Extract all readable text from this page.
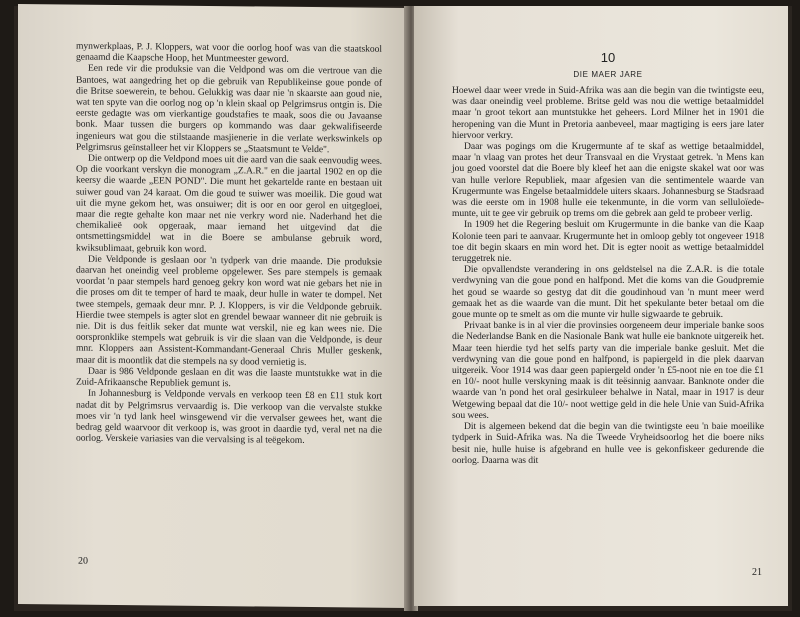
mynwerkplaas, P. J. Kloppers, wat voor die oorlog hoof was van die staatskool genaamd die Kaapsche Hoop, het Muntmeester geword.

Een rede vir die produksie van die Veldpond was om die vertroue van die Bantoes, wat aangedring het op die gebruik van Republikeinse goue ponde of die Britse soewerein, te behou. Gelukkig was daar nie 'n skaarste aan goud nie, wat ten spyte van die oorlog nog op 'n klein skaal op Pelgrimsrus ontgin is. Die eerste gedagte was om vierkantige goudstafies te maak, soos die ou Javaanse bonk. Maar tussen die burgers op kommando was daar gekwalifiseerde ingenieurs wat gou die stilstaande masjienerie in die verlate werkswinkels op Pelgrimsrus geïnstalleer het vir Kloppers se „Staatsmunt te Velde".

Die ontwerp op die Veldpond moes uit die aard van die saak eenvoudig wees. Op die voorkant verskyn die monogram „Z.A.R." en die jaartal 1902 en op die keersy die waarde „EEN POND". Die munt het gekartelde rante en bestaan uit suiwer goud van 24 karaat. Om die goud te suiwer was moeilik. Die goud wat uit die myne gekom het, was onsuiwer; dit is oor en oor gerol en uitgegloei, maar die regte gehalte kon maar net nie verkry word nie. Naderhand het die chemikalieë ook opgeraak, maar iemand het uitgevind dat die ontsmettingsmiddel wat in die Boere se ambulanse gebruik word, kwiksublimaat, gebruik kon word.

Die Veldponde is geslaan oor 'n tydperk van drie maande. Die produksie daarvan het oneindig veel probleme opgelewer. Ses pare stempels is gemaak voordat 'n paar stempels hard genoeg gekry kon word wat nie gebars het nie in die proses om dit te temper of hard te maak, deur hulle in water te dompel. Net twee stempels, gemaak deur mnr. P. J. Kloppers, is vir die Veldponde gebruik. Hierdie twee stempels is agter slot en grendel bewaar wanneer dit nie gebruik is nie. Dit is dus feitlik seker dat munte wat verskil, nie eg kan wees nie. Die oorspronklike stempels wat gebruik is vir die slaan van die Veldponde, is deur mnr. Kloppers aan Assistent-Kommandant-Generaal Chris Muller geskenk, maar dit is moontlik dat die stempels na sy dood vernietig is.

Daar is 986 Veldponde geslaan en dit was die laaste muntstukke wat in die Zuid-Afrikaansche Republiek gemunt is.

In Johannesburg is Veldponde vervals en verkoop teen £8 en £11 stuk kort nadat dit by Pelgrimsrus vervaardig is. Die verkoop van die vervalste stukke moes vir 'n tyd lank heel winsgewend vir die vervalser gewees het, want die bedrag geld waarvoor dit verkoop is, was groot in daardie tyd, veral net na die oorlog. Verskeie variasies van die vervalsing is al teëgekom.

20
10
DIE MAER JARE

Hoewel daar weer vrede in Suid-Afrika was aan die begin van die twintigste eeu, was daar oneindig veel probleme. Britse geld was nou die wettige betaalmiddel maar 'n groot tekort aan muntstukke het geheers. Lord Milner het in 1901 die heropening van die Munt in Pretoria aanbeveel, maar magtiging is eers jare later hiervoor verkry.

Daar was pogings om die Krugermunte af te skaf as wettige betaalmiddel, maar 'n vlaag van protes het deur Transvaal en die Vrystaat getrek. 'n Mens kan jou goed voorstel dat die Boere bly kleef het aan die enigste skakel wat oor was van hulle verlore Republiek, maar afgesien van die sentimentele waarde van Krugermunte was Engelse betaalmiddele uiters skaars. Johannesburg se Stadsraad was die eerste om in 1908 hulle eie tekenmunte, in die vorm van selluloïede-munte, uit te gee vir gebruik op trems om die gebrek aan geld te probeer verlig.

In 1909 het die Regering besluit om Krugermunte in die banke van die Kaap Kolonie teen pari te aanvaar. Krugermunte het in omloop gebly tot ongeveer 1918 toe dit begin skaars en min word het. Dit is egter nooit as wettige betaalmiddel teruggetrek nie.

Die opvallendste verandering in ons geldstelsel na die Z.A.R. is die totale verdwyning van die goue pond en halfpond. Met die koms van die Goudpremie het goud se waarde so gestyg dat dit die goudinhoud van 'n munt meer werd gemaak het as die waarde van die munt. Dit het spekulante beter betaal om die goue munte op te smelt as om die munte vir hulle sigwaarde te gebruik.

Privaat banke is in al vier die provinsies oorgeneem deur imperiale banke soos die Nederlandse Bank en die Nasionale Bank wat hulle eie banknote uitgereik het. Maar teen hierdie tyd het selfs party van die imperiale banke gesluit. Met die verdwyning van die goue pond en halfpond, is papiergeld in die plek daarvan uitgereik. Voor 1914 was daar geen papiergeld onder 'n £5-noot nie en toe die £1 en 10/- noot hulle verskyning maak is dit teësinnig aanvaar. Banknote onder die waarde van 'n pond het oral gesirkuleer behalwe in Natal, maar in 1917 is deur Wetgewing bepaal dat die 10/- noot wettige geld in die hele Unie van Suid-Afrika sou wees.

Dit is algemeen bekend dat die begin van die twintigste eeu 'n baie moeilike tydperk in Suid-Afrika was. Na die Tweede Vryheidsoorlog het die boere niks besit nie, hulle huise is afgebrand en hulle vee is gekonfiskeer gedurende die oorlog. Daarna was dit

21
